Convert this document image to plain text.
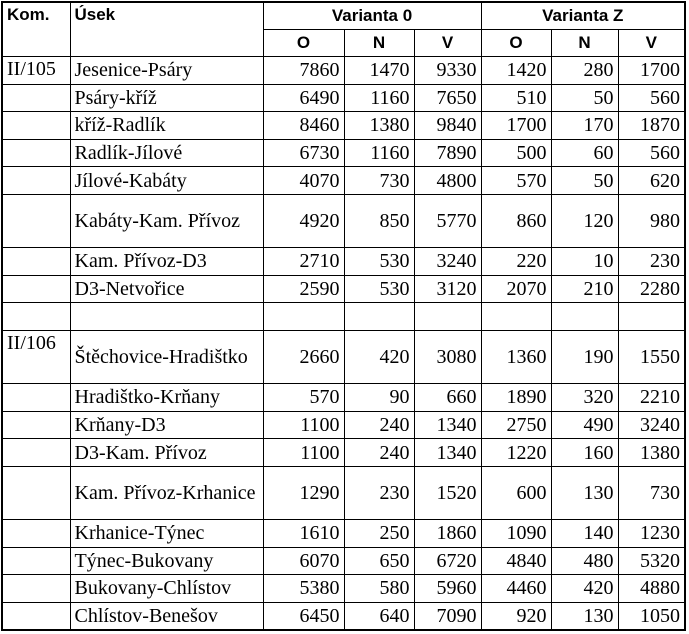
Kom.	Úsek	Varianta 0			Varianta Z		
		O	N	V	O	N	V
II/105	Jesenice-Psáry	7860	1470	9330	1420	280	1700
	Psáry-kříž	6490	1160	7650	510	50	560
	kříž-Radlík	8460	1380	9840	1700	170	1870
	Radlík-Jílové	6730	1160	7890	500	60	560
	Jílové-Kabáty	4070	730	4800	570	50	620
	Kabáty-Kam. Přívoz	4920	850	5770	860	120	980
	Kam. Přívoz-D3	2710	530	3240	220	10	230
	D3-Netvořice	2590	530	3120	2070	210	2280

II/106	Štěchovice-Hradištko	2660	420	3080	1360	190	1550
	Hradištko-Krňany	570	90	660	1890	320	2210
	Krňany-D3	1100	240	1340	2750	490	3240
	D3-Kam. Přívoz	1100	240	1340	1220	160	1380
	Kam. Přívoz-Krhanice	1290	230	1520	600	130	730
	Krhanice-Týnec	1610	250	1860	1090	140	1230
	Týnec-Bukovany	6070	650	6720	4840	480	5320
	Bukovany-Chlístov	5380	580	5960	4460	420	4880
	Chlístov-Benešov	6450	640	7090	920	130	1050
